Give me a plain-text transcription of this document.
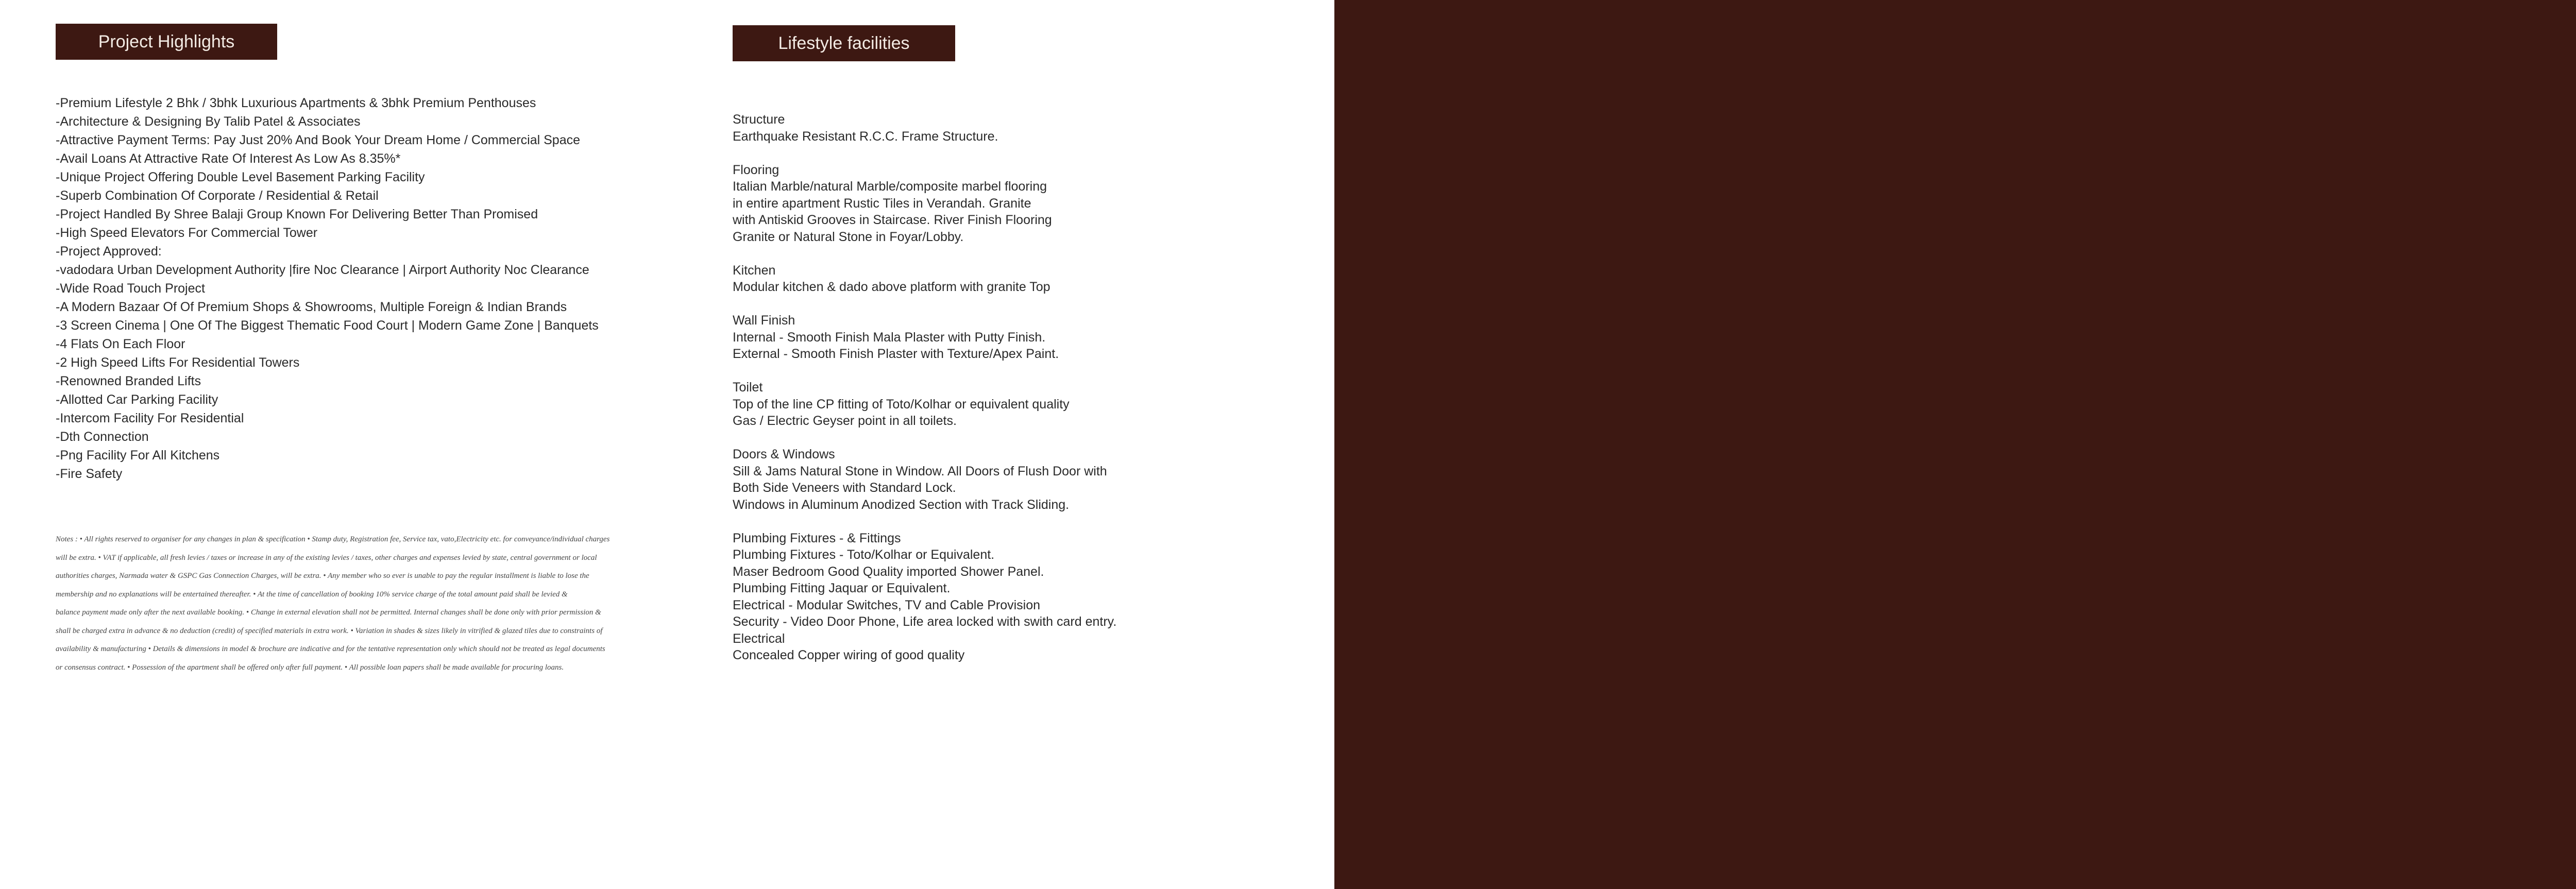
Project Highlights
-Premium Lifestyle 2 Bhk / 3bhk Luxurious Apartments & 3bhk Premium Penthouses
-Architecture & Designing By Talib Patel & Associates
-Attractive Payment Terms: Pay Just 20% And Book Your Dream Home / Commercial Space
-Avail Loans At Attractive Rate Of Interest As Low As 8.35%*
-Unique Project Offering Double Level Basement Parking Facility
-Superb Combination Of Corporate / Residential & Retail
-Project Handled By Shree Balaji Group Known For Delivering Better Than Promised
-High Speed Elevators For Commercial Tower
-Project Approved:
-vadodara Urban Development Authority |fire Noc Clearance | Airport Authority Noc Clearance
-Wide Road Touch Project
-A Modern Bazaar Of Of Premium Shops & Showrooms, Multiple Foreign & Indian Brands
-3 Screen Cinema | One Of The Biggest Thematic Food Court | Modern Game Zone | Banquets
-4 Flats On Each Floor
-2 High Speed Lifts For Residential Towers
-Renowned Branded Lifts
-Allotted Car Parking Facility
-Intercom Facility For Residential
-Dth Connection
-Png Facility For All Kitchens
-Fire Safety
Notes : • All rights reserved to organiser for any changes in plan & specification • Stamp duty, Registration fee, Service tax, vato,Electricity etc. for conveyance/individual charges
will be extra. • VAT if applicable, all fresh levies / taxes or increase in any of the existing levies / taxes, other charges and expenses levied by state, central government or local
authorities charges, Narmada water & GSPC Gas Connection Charges, will be extra. • Any member who so ever is unable to pay the regular installment is liable to lose the
membership and no explanations will be entertained thereafter. • At the time of cancellation of booking 10% service charge of the total amount paid shall be levied &
balance payment made only after the next available booking. • Change in external elevation shall not be permitted. Internal changes shall be done only with prior permission &
shall be charged extra in advance & no deduction (credit) of specified materials in extra work. • Variation in shades & sizes likely in vitrified & glazed tiles due to constraints of
availability & manufacturing • Details & dimensions in model & brochure are indicative and for the tentative representation only which should not be treated as legal documents
or consensus contract. • Possession of the apartment shall be offered only after full payment. • All possible loan papers shall be made available for procuring loans.
Lifestyle facilities
Structure
Earthquake Resistant R.C.C. Frame Structure.
Flooring
Italian Marble/natural Marble/composite marbel flooring
in entire apartment Rustic Tiles in Verandah. Granite
with Antiskid Grooves in Staircase. River Finish Flooring
Granite or Natural Stone in Foyar/Lobby.
Kitchen
Modular kitchen & dado above platform with granite Top
Wall Finish
Internal - Smooth Finish Mala Plaster with Putty Finish.
External - Smooth Finish Plaster with Texture/Apex Paint.
Toilet
Top of the line CP fitting of Toto/Kolhar or equivalent quality
Gas / Electric Geyser point in all toilets.
Doors & Windows
Sill & Jams Natural Stone in Window. All Doors of Flush Door with
Both Side Veneers with Standard Lock.
Windows in Aluminum Anodized Section with Track Sliding.
Plumbing Fixtures - & Fittings
Plumbing Fixtures - Toto/Kolhar or Equivalent.
Maser Bedroom Good Quality imported Shower Panel.
Plumbing Fitting Jaquar or Equivalent.
Electrical - Modular Switches, TV and Cable Provision
Security - Video Door Phone, Life area locked with swith card entry.
Electrical
Concealed Copper wiring of good quality
